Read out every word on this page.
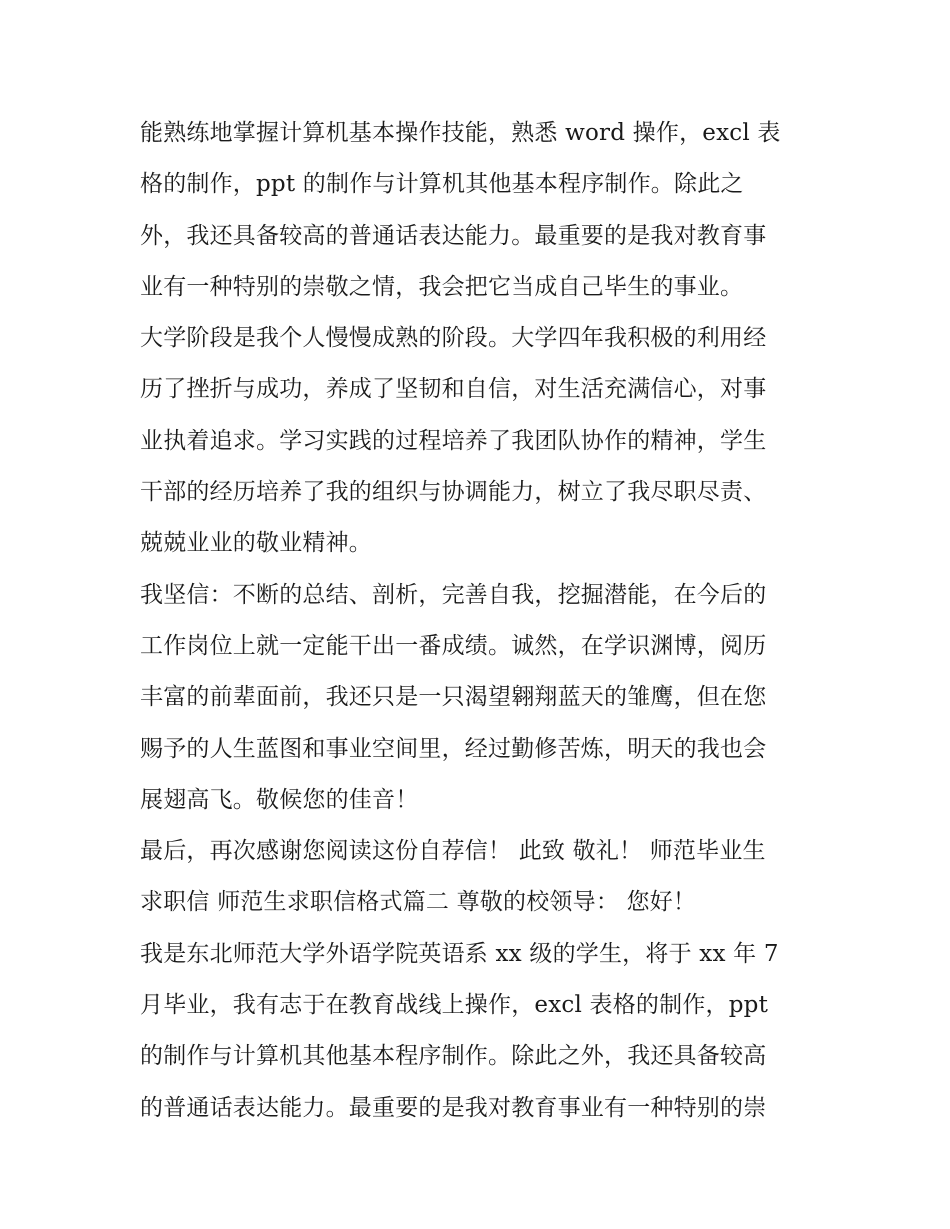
能熟练地掌握计算机基本操作技能，熟悉 word 操作，excl 表
格的制作，ppt 的制作与计算机其他基本程序制作。除此之
外，我还具备较高的普通话表达能力。最重要的是我对教育事
业有一种特别的崇敬之情，我会把它当成自己毕生的事业。
大学阶段是我个人慢慢成熟的阶段。大学四年我积极的利用经
历了挫折与成功，养成了坚韧和自信，对生活充满信心，对事
业执着追求。学习实践的过程培养了我团队协作的精神，学生
干部的经历培养了我的组织与协调能力，树立了我尽职尽责、
兢兢业业的敬业精神。
我坚信：不断的总结、剖析，完善自我，挖掘潜能，在今后的
工作岗位上就一定能干出一番成绩。诚然，在学识渊博，阅历
丰富的前辈面前，我还只是一只渴望翱翔蓝天的雏鹰，但在您
赐予的人生蓝图和事业空间里，经过勤修苦炼，明天的我也会
展翅高飞。敬候您的佳音！
最后，再次感谢您阅读这份自荐信！ 此致 敬礼！ 师范毕业生
求职信 师范生求职信格式篇二 尊敬的校领导： 您好！
我是东北师范大学外语学院英语系 xx 级的学生，将于 xx 年 7
月毕业，我有志于在教育战线上操作，excl 表格的制作，ppt
的制作与计算机其他基本程序制作。除此之外，我还具备较高
的普通话表达能力。最重要的是我对教育事业有一种特别的崇
